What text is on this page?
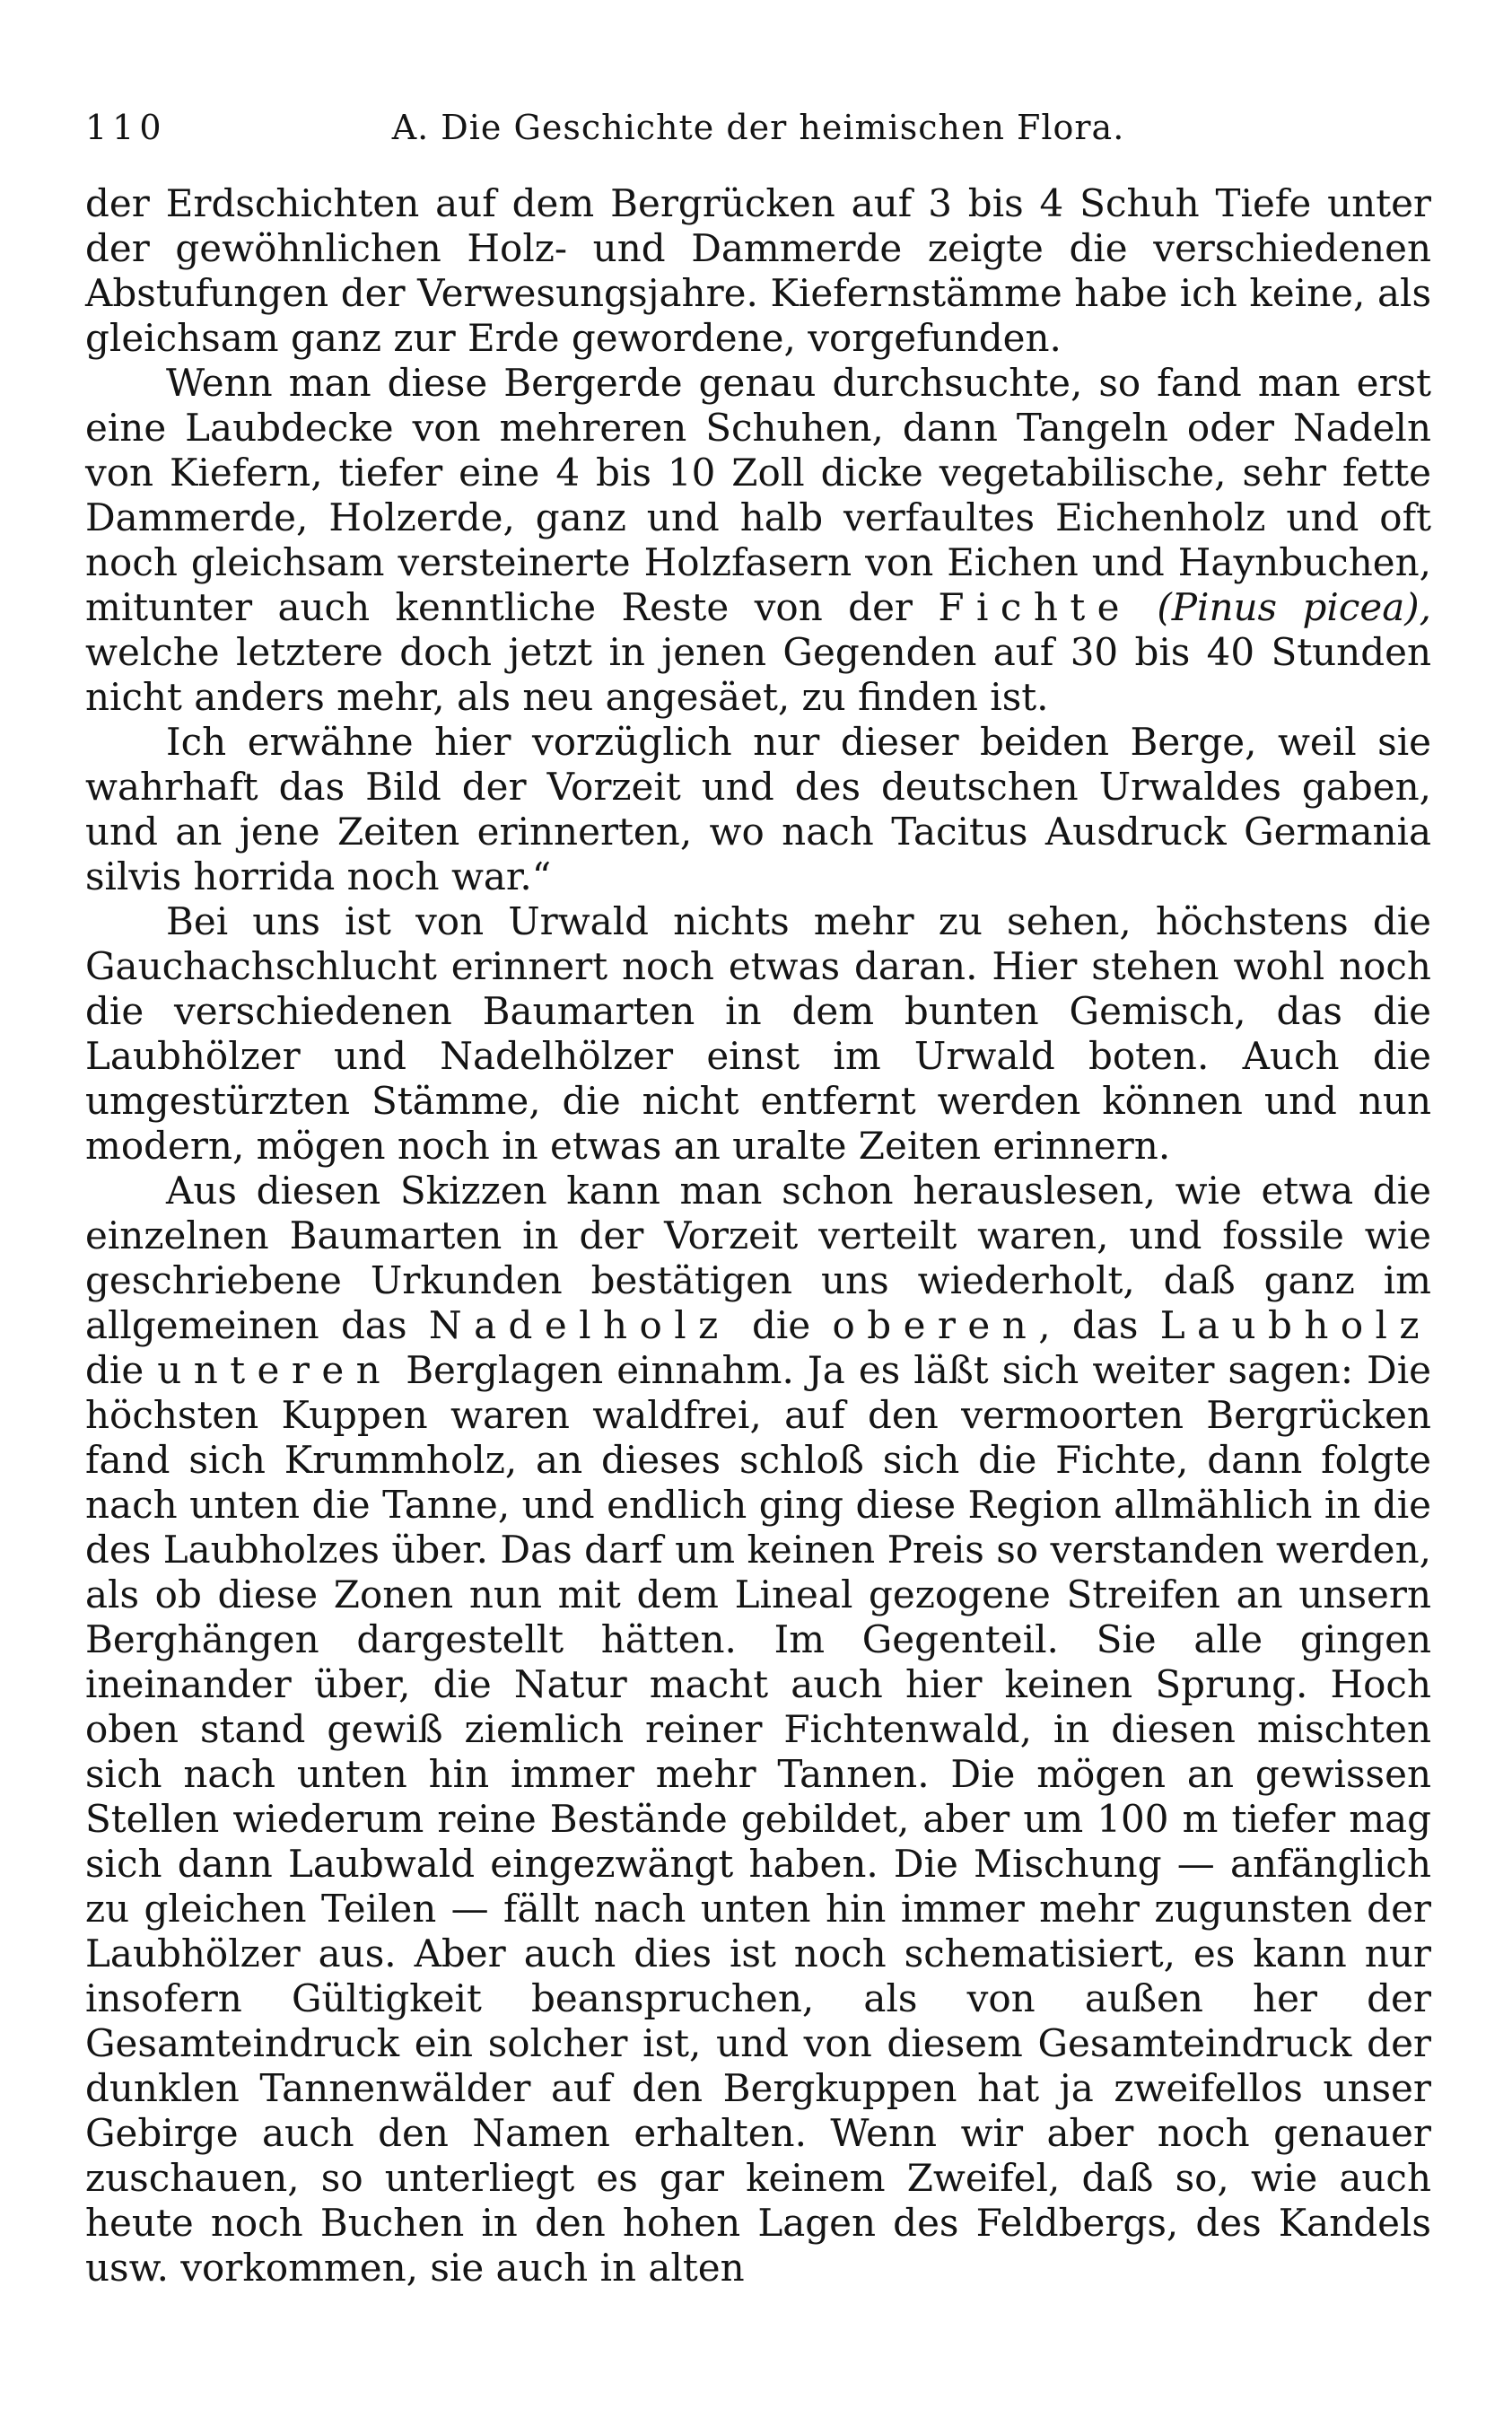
110	A. Die Geschichte der heimischen Flora.

der Erdschichten auf dem Bergrücken auf 3 bis 4 Schuh Tiefe unter der gewöhnlichen Holz- und Dammerde zeigte die verschiedenen Abstufungen der Verwesungsjahre. Kiefernstämme habe ich keine, als gleichsam ganz zur Erde gewordene, vorgefunden.

Wenn man diese Bergerde genau durchsuchte, so fand man erst eine Laubdecke von mehreren Schuhen, dann Tangeln oder Nadeln von Kiefern, tiefer eine 4 bis 10 Zoll dicke vegetabilische, sehr fette Dammerde, Holzerde, ganz und halb verfaultes Eichenholz und oft noch gleichsam versteinerte Holzfasern von Eichen und Haynbuchen, mitunter auch kenntliche Reste von der Fichte (Pinus picea), welche letztere doch jetzt in jenen Gegenden auf 30 bis 40 Stunden nicht anders mehr, als neu angesäet, zu finden ist.

Ich erwähne hier vorzüglich nur dieser beiden Berge, weil sie wahrhaft das Bild der Vorzeit und des deutschen Urwaldes gaben, und an jene Zeiten erinnerten, wo nach Tacitus Ausdruck Germania silvis horrida noch war.“

Bei uns ist von Urwald nichts mehr zu sehen, höchstens die Gauchachschlucht erinnert noch etwas daran. Hier stehen wohl noch die verschiedenen Baumarten in dem bunten Gemisch, das die Laubhölzer und Nadelhölzer einst im Urwald boten. Auch die umgestürzten Stämme, die nicht entfernt werden können und nun modern, mögen noch in etwas an uralte Zeiten erinnern.

Aus diesen Skizzen kann man schon herauslesen, wie etwa die einzelnen Baumarten in der Vorzeit verteilt waren, und fossile wie geschriebene Urkunden bestätigen uns wiederholt, daß ganz im allgemeinen das Nadelholz die oberen, das Laubholz die unteren Berglagen einnahm. Ja es läßt sich weiter sagen: Die höchsten Kuppen waren waldfrei, auf den vermoorten Bergrücken fand sich Krummholz, an dieses schloß sich die Fichte, dann folgte nach unten die Tanne, und endlich ging diese Region allmählich in die des Laubholzes über. Das darf um keinen Preis so verstanden werden, als ob diese Zonen nun mit dem Lineal gezogene Streifen an unsern Berghängen dargestellt hätten. Im Gegenteil. Sie alle gingen ineinander über, die Natur macht auch hier keinen Sprung. Hoch oben stand gewiß ziemlich reiner Fichtenwald, in diesen mischten sich nach unten hin immer mehr Tannen. Die mögen an gewissen Stellen wiederum reine Bestände gebildet, aber um 100 m tiefer mag sich dann Laubwald eingezwängt haben. Die Mischung — anfänglich zu gleichen Teilen — fällt nach unten hin immer mehr zugunsten der Laubhölzer aus. Aber auch dies ist noch schematisiert, es kann nur insofern Gültigkeit beanspruchen, als von außen her der Gesamteindruck ein solcher ist, und von diesem Gesamteindruck der dunklen Tannenwälder auf den Bergkuppen hat ja zweifellos unser Gebirge auch den Namen erhalten. Wenn wir aber noch genauer zuschauen, so unterliegt es gar keinem Zweifel, daß so, wie auch heute noch Buchen in den hohen Lagen des Feldbergs, des Kandels usw. vorkommen, sie auch in alten
